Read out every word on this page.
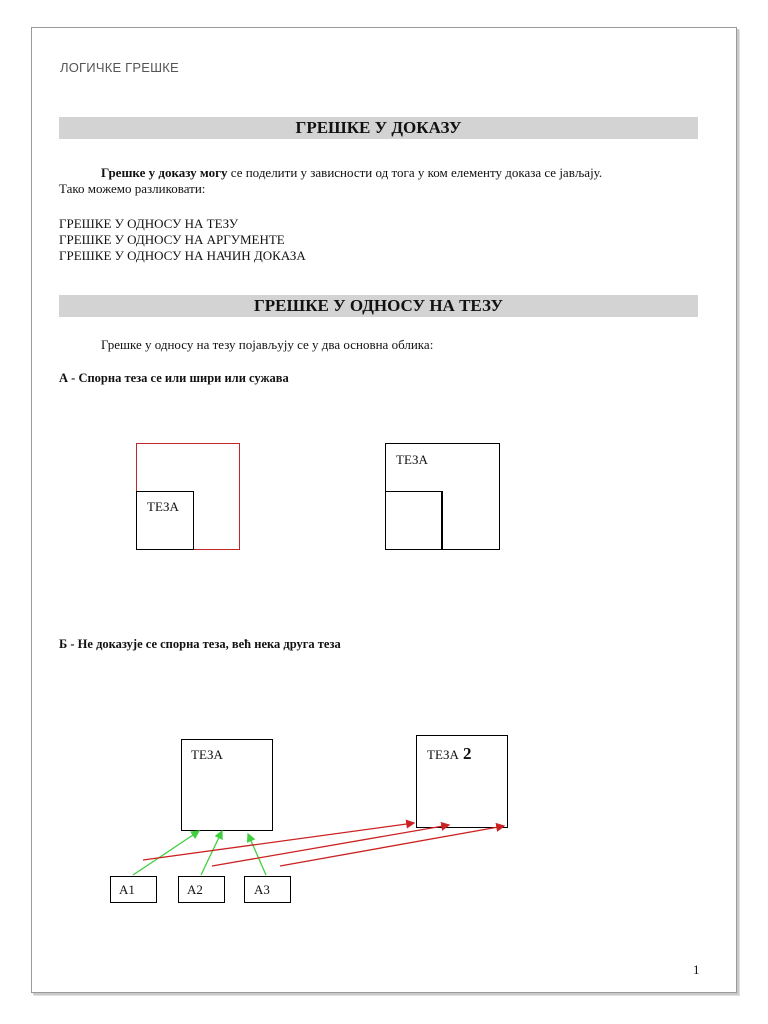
ЛОГИЧКЕ ГРЕШКЕ
ГРЕШКЕ У ДОКАЗУ
Грешке у доказу могу се поделити у зависности од тога у ком елементу доказа се јављају.
Тако можемо разликовати:
ГРЕШКЕ У ОДНОСУ НА ТЕЗУ
ГРЕШКЕ У ОДНОСУ НА АРГУМЕНТЕ
ГРЕШКЕ У ОДНОСУ НА НАЧИН ДОКАЗА
ГРЕШКЕ У ОДНОСУ НА ТЕЗУ
Грешке у односу на тезу појављују се у два основна облика:
А - Спорна теза се или шири или сужава
ТЕЗА
ТЕЗА
Б - Не доказује се спорна теза, већ нека друга теза
ТЕЗА	ТЕЗА 2
А1	А2	А3
1
